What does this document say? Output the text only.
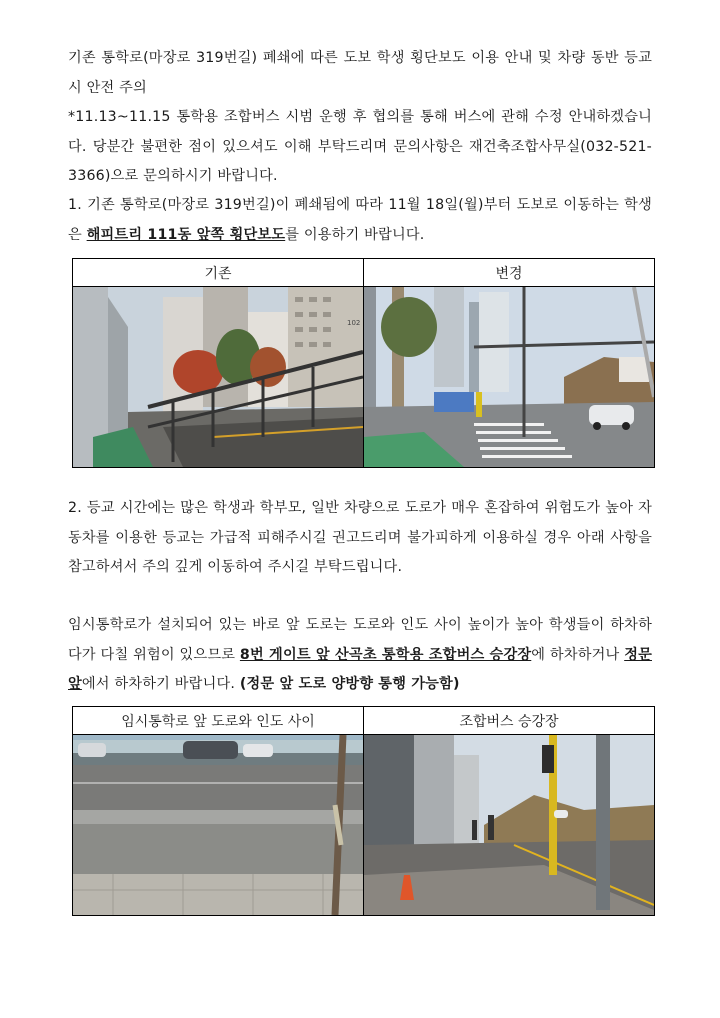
기존 통학로(마장로 319번길) 폐쇄에 따른 도보 학생 횡단보도 이용 안내 및 차량 동반 등교시 안전 주의

*11.13~11.15 통학용 조합버스 시범 운행 후 협의를 통해 버스에 관해 수정 안내하겠습니다. 당분간 불편한 점이 있으셔도 이해 부탁드리며 문의사항은 재건축조합사무실(032-521-3366)으로 문의하시기 바랍니다.

1. 기존 통학로(마장로 319번길)이 폐쇄됨에 따라 11월 18일(월)부터 도보로 이동하는 학생은 해피트리 111동 앞쪽 횡단보도를 이용하기 바랍니다.

기존	변경

102

2. 등교 시간에는 많은 학생과 학부모, 일반 차량으로 도로가 매우 혼잡하여 위험도가 높아 자동차를 이용한 등교는 가급적 피해주시길 권고드리며 불가피하게 이용하실 경우 아래 사항을 참고하셔서 주의 깊게 이동하여 주시길 부탁드립니다.

임시통학로가 설치되어 있는 바로 앞 도로는 도로와 인도 사이 높이가 높아 학생들이 하차하다가 다칠 위험이 있으므로 8번 게이트 앞 산곡초 통학용 조합버스 승강장에 하차하거나 정문 앞에서 하차하기 바랍니다. (정문 앞 도로 양방향 통행 가능함)

임시통학로 앞 도로와 인도 사이	조합버스 승강장
